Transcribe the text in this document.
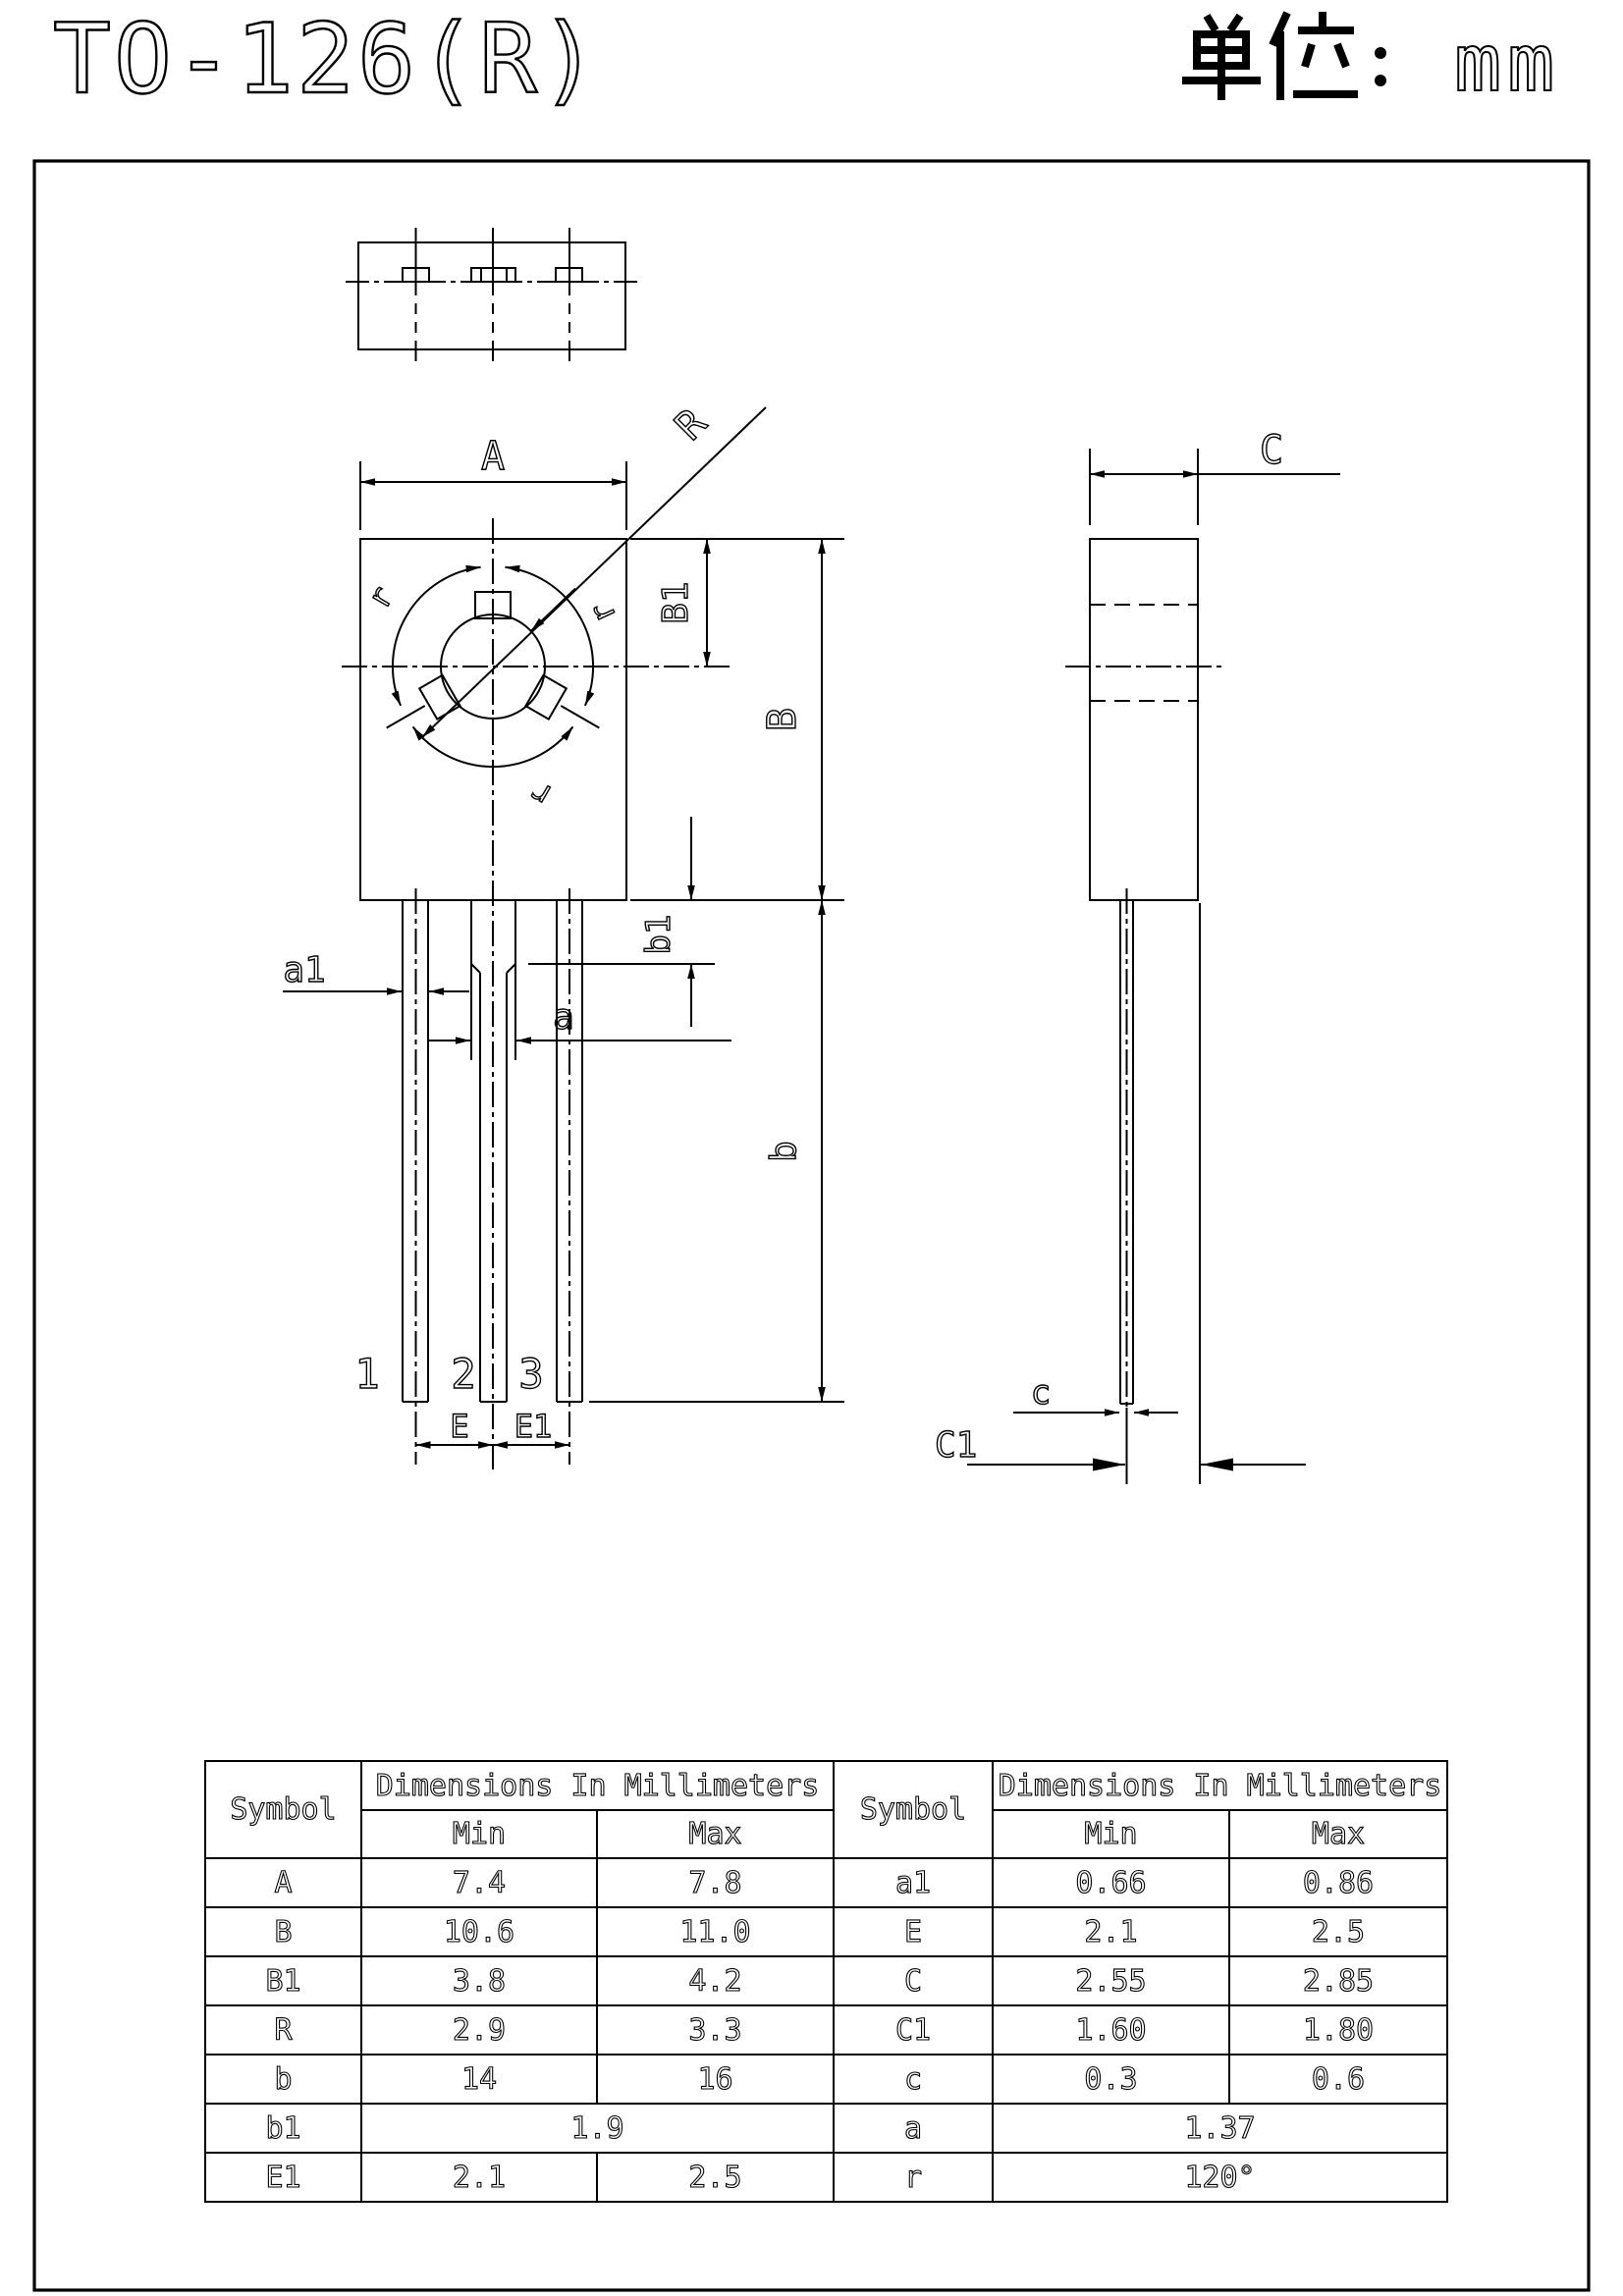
TO-126(R)	mm
A
R
r	r
r
B1
B
b1
b
a1
a
E E1
1 2 3
C
c
C1
Symbol	Dimensions In Millimeters		Symbol	Dimensions In Millimeters	
	Min	Max		Min	Max
A	7.4	7.8	a1	0.66	0.86
B	10.6	11.0	E	2.1	2.5
B1	3.8	4.2	C	2.55	2.85
R	2.9	3.3	C1	1.60	1.80
b	14	16	c	0.3	0.6
b1	1.9		a	1.37	
E1	2.1	2.5	r	120°	
